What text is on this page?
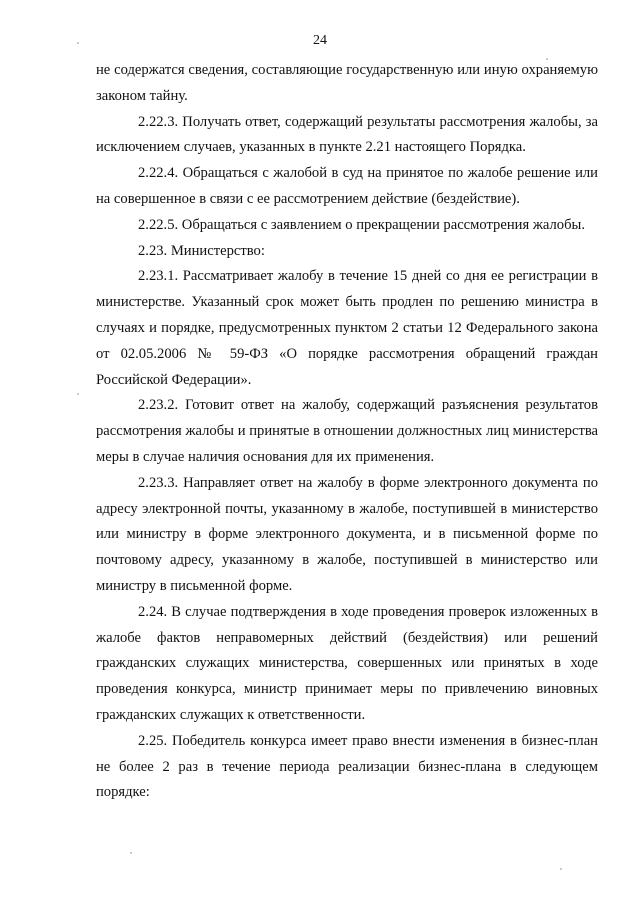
24

не содержатся сведения, составляющие государственную или иную охраняемую законом тайну.

2.22.3. Получать ответ, содержащий результаты рассмотрения жалобы, за исключением случаев, указанных в пункте 2.21 настоящего Порядка.

2.22.4. Обращаться с жалобой в суд на принятое по жалобе решение или на совершенное в связи с ее рассмотрением действие (бездействие).

2.22.5. Обращаться с заявлением о прекращении рассмотрения жалобы.

2.23. Министерство:

2.23.1. Рассматривает жалобу в течение 15 дней со дня ее регистрации в министерстве. Указанный срок может быть продлен по решению министра в случаях и порядке, предусмотренных пунктом 2 статьи 12 Федерального закона от 02.05.2006 № 59-ФЗ «О порядке рассмотрения обращений граждан Российской Федерации».

2.23.2. Готовит ответ на жалобу, содержащий разъяснения результатов рассмотрения жалобы и принятые в отношении должностных лиц министерства меры в случае наличия основания для их применения.

2.23.3. Направляет ответ на жалобу в форме электронного документа по адресу электронной почты, указанному в жалобе, поступившей в министерство или министру в форме электронного документа, и в письменной форме по почтовому адресу, указанному в жалобе, поступившей в министерство или министру в письменной форме.

2.24. В случае подтверждения в ходе проведения проверок изложенных в жалобе фактов неправомерных действий (бездействия) или решений гражданских служащих министерства, совершенных или принятых в ходе проведения конкурса, министр принимает меры по привлечению виновных гражданских служащих к ответственности.

2.25. Победитель конкурса имеет право внести изменения в бизнес-план не более 2 раз в течение периода реализации бизнес-плана в следующем порядке:
